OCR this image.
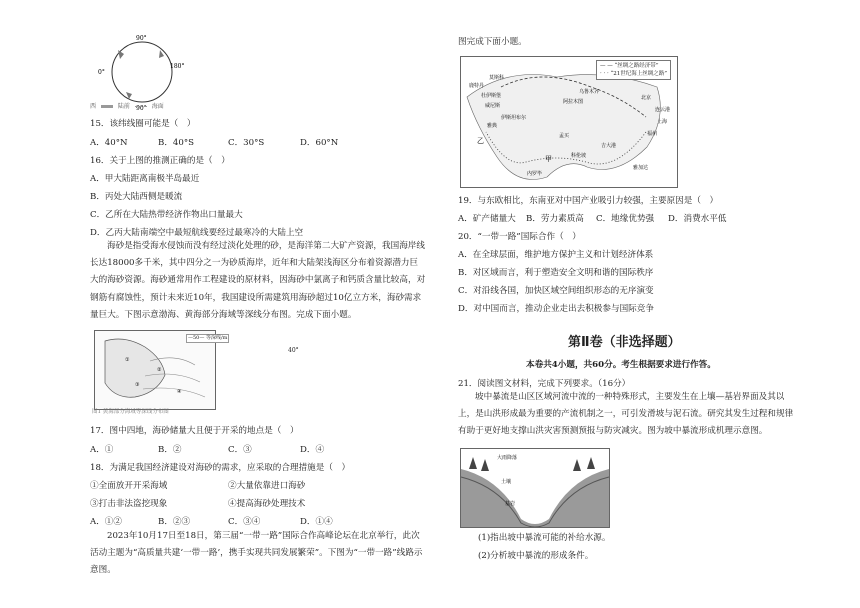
90°
0°
180°
90°
西	陆前	海面
15．该纬线圈可能是（　）
A．40°N	B．40°S	C．30°S	D．60°N
16．关于上图的推测正确的是（　）
A．甲大陆距离南极半岛最近
B．丙处大陆西侧是暖流
C．乙所在大陆热带经济作物出口量最大
D．乙丙大陆南端空中最短航线要经过最寒冷的大陆上空
海砂是指受海水侵蚀而没有经过淡化处理的砂，是海洋第二大矿产资源，我国海岸线长达18000多千米，其中四分之一为砂质海岸，近年和大陆架浅海区分布着资源潜力巨大的海砂资源。海砂通常用作工程建设的原材料，因海砂中氯离子和钙质含量比较高，对钢筋有腐蚀性，预计未来近10年，我国建设所需建筑用海砂超过10亿立方米，海砂需求量巨大。下图示意渤海、黄海部分海域等深线分布图。完成下面小题。
①
②
③
④
—50— 等深线/m
40°
图1 黄海部分海域等深线分布图
17．图中四地，海砂储量大且便于开采的地点是（　）
A．①	B．②	C．③	D．④
18．为满足我国经济建设对海砂的需求，应采取的合理措施是（　）
①全面放开开采海域	②大量依靠进口海砂
③打击非法盗挖现象	④提高海砂处理技术
A．①②	B．②③	C．③④	D．①④
2023年10月17日至18日，第三届“一带一路”国际合作高峰论坛在北京举行，此次活动主题为“高质量共建‘一带一路’，携手实现共同发展繁荣”。下图为“一带一路”线路示意图。
图完成下面小题。
莫斯科
鹿特丹
杜伊斯堡
威尼斯
伊斯坦布尔
阿拉木图
乌鲁木齐
北京
连云港
上海
福州
雅典
乙
甲
内罗毕
科伦坡
吉大港
雅加达
孟买
— — “丝绸之路经济带”
· · · “21世纪海上丝绸之路”
19．与东欧相比，东南亚对中国产业吸引力较强，主要原因是（　）
A．矿产储量大 B．劳力素质高 C．地缘优势强 D．消费水平低
20．“一带一路”国际合作（　）
A．在全球层面，维护地方保护主义和计划经济体系
B．对区域而言，利于塑造安全文明和谐的国际秩序
C．对沿线各国，加快区域空间组织形态的无序演变
D．对中国而言，推动企业走出去积极参与国际竞争
第Ⅱ卷（非选择题）
本卷共4小题，共60分。考生根据要求进行作答。
21．阅读图文材料，完成下列要求。（16分）
坡中暴流是山区区域河流中流的一种特殊形式，主要发生在上壤—基岩界面及其以上，是山洪形成最为重要的产流机制之一，可引发滑坡与泥石流。研究其发生过程和规律有助于更好地支撑山洪灾害预测预报与防灾减灾。图为坡中暴流形成机理示意图。
大雨降落
土壤
基岩
(1)指出坡中暴流可能的补给水源。
(2)分析坡中暴流的形成条件。
